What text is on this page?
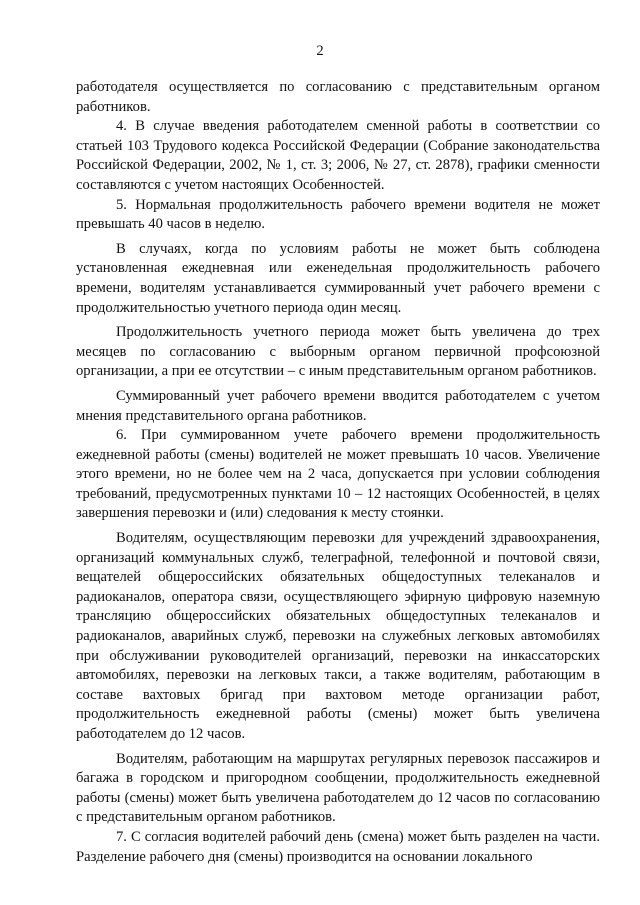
2

работодателя осуществляется по согласованию с представительным органом работников.

4. В случае введения работодателем сменной работы в соответствии со статьей 103 Трудового кодекса Российской Федерации (Собрание законодательства Российской Федерации, 2002, № 1, ст. 3; 2006, № 27, ст. 2878), графики сменности составляются с учетом настоящих Особенностей.

5. Нормальная продолжительность рабочего времени водителя не может превышать 40 часов в неделю.

В случаях, когда по условиям работы не может быть соблюдена установленная ежедневная или еженедельная продолжительность рабочего времени, водителям устанавливается суммированный учет рабочего времени с продолжительностью учетного периода один месяц.

Продолжительность учетного периода может быть увеличена до трех месяцев по согласованию с выборным органом первичной профсоюзной организации, а при ее отсутствии – с иным представительным органом работников.

Суммированный учет рабочего времени вводится работодателем с учетом мнения представительного органа работников.

6. При суммированном учете рабочего времени продолжительность ежедневной работы (смены) водителей не может превышать 10 часов. Увеличение этого времени, но не более чем на 2 часа, допускается при условии соблюдения требований, предусмотренных пунктами 10 – 12 настоящих Особенностей, в целях завершения перевозки и (или) следования к месту стоянки.

Водителям, осуществляющим перевозки для учреждений здравоохранения, организаций коммунальных служб, телеграфной, телефонной и почтовой связи, вещателей общероссийских обязательных общедоступных телеканалов и радиоканалов, оператора связи, осуществляющего эфирную цифровую наземную трансляцию общероссийских обязательных общедоступных телеканалов и радиоканалов, аварийных служб, перевозки на служебных легковых автомобилях при обслуживании руководителей организаций, перевозки на инкассаторских автомобилях, перевозки на легковых такси, а также водителям, работающим в составе вахтовых бригад при вахтовом методе организации работ, продолжительность ежедневной работы (смены) может быть увеличена работодателем до 12 часов.

Водителям, работающим на маршрутах регулярных перевозок пассажиров и багажа в городском и пригородном сообщении, продолжительность ежедневной работы (смены) может быть увеличена работодателем до 12 часов по согласованию с представительным органом работников.

7. С согласия водителей рабочий день (смена) может быть разделен на части. Разделение рабочего дня (смены) производится на основании локального
